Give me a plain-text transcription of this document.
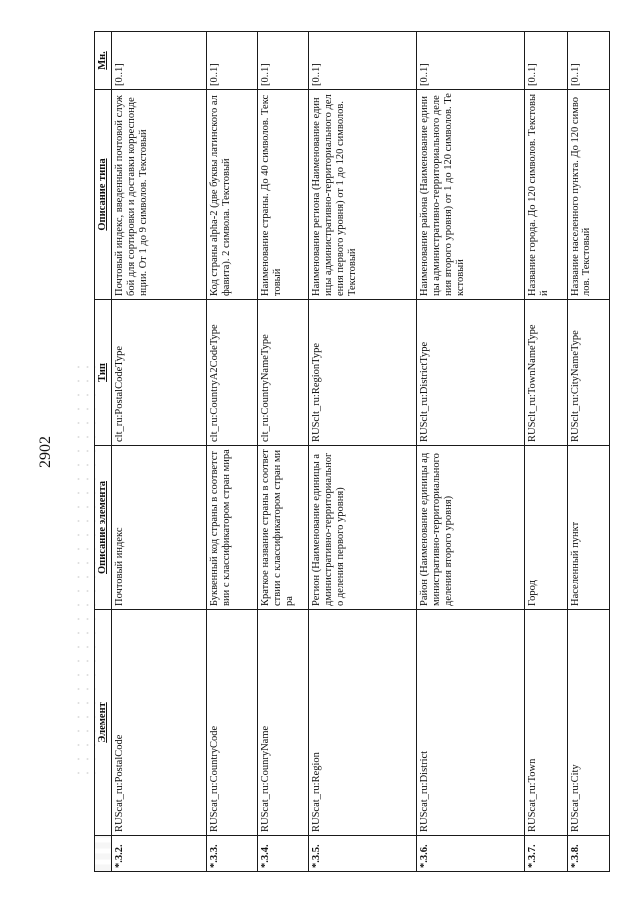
2902
	Элемент	Описание элемента	Тип	Описание типа	Мн.
*.3.2.	RUScat_ru:PostalCode	Почтовый индекс	clt_ru:PostalCodeType	Почтовый индекс, введенный почтовой службой для сортировки и доставки корреспонденции. От 1 до 9 символов. Текстовый	[0..1]
*.3.3.	RUScat_ru:CountryCode	Буквенный код страны в соответствии с классификатором стран мира	clt_ru:CountryA2CodeType	Код страны alpha-2 (две буквы латинского алфавита). 2 символа. Текстовый	[0..1]
*.3.4.	RUScat_ru:CounryName	Краткое название страны в соответствии с классификатором стран мира	clt_ru:CountryNameType	Наименование страны. До 40 символов. Текстовый	[0..1]
*.3.5.	RUScat_ru:Region	Регион (Наименование единицы административно-территориального деления первого уровня)	RUSclt_ru:RegionType	Наименование региона (Наименование единицы административно-территориального деления первого уровня) от 1 до 120 символов. Текстовый	[0..1]
*.3.6.	RUScat_ru:District	Район (Наименование единицы административно-территориального деления второго уровня)	RUSclt_ru:DistrictType	Наименование района (Наименование единицы административно-территориального деления второго уровня) от 1 до 120 символов. Текстовый	[0..1]
*.3.7.	RUScat_ru:Town	Город	RUSclt_ru:TownNameType	Название города. До 120 символов. Текстовый	[0..1]
*.3.8.	RUScat_ru:City	Населенный пункт	RUSclt_ru:CityNameType	Название населенного пункта. До 120 символов. Текстовый	[0..1]
